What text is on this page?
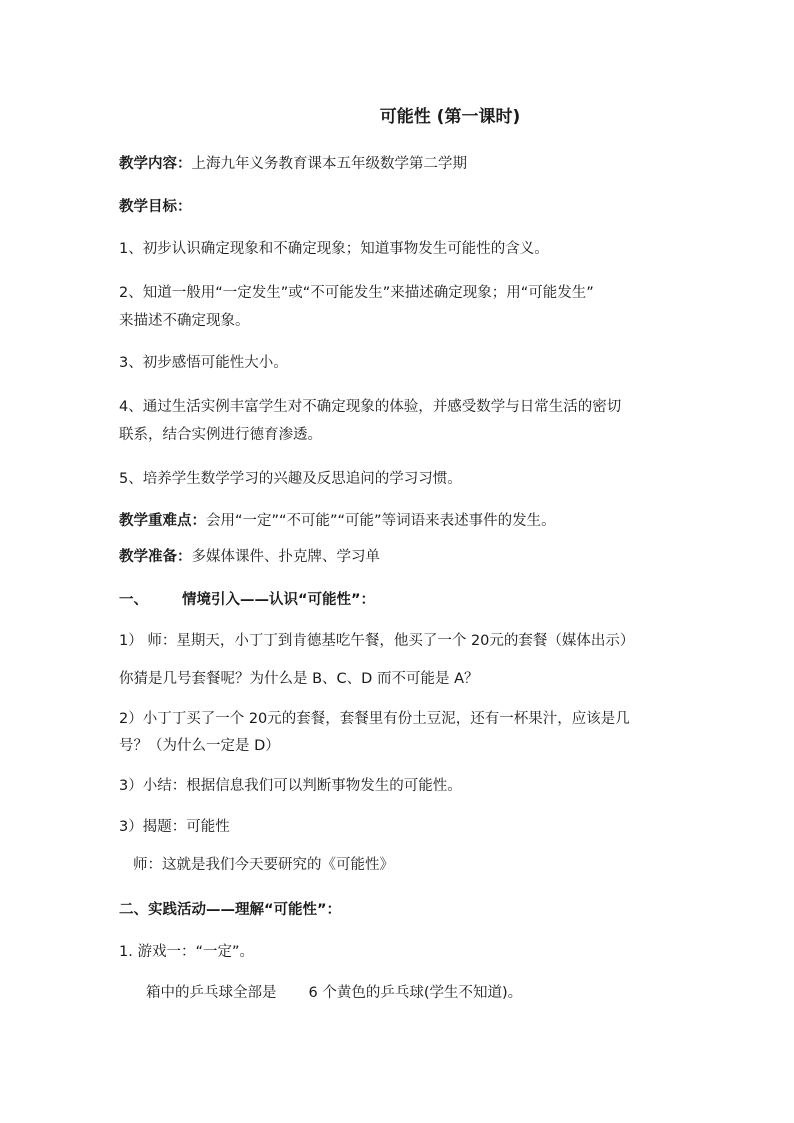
可能性 (第一课时)
教学内容：上海九年义务教育课本五年级数学第二学期
教学目标：
1、初步认识确定现象和不确定现象；知道事物发生可能性的含义。
2、知道一般用“一定发生”或“不可能发生”来描述确定现象；用“可能发生”
来描述不确定现象。
3、初步感悟可能性大小。
4、通过生活实例丰富学生对不确定现象的体验，并感受数学与日常生活的密切
联系，结合实例进行德育渗透。
5、培养学生数学学习的兴趣及反思追问的学习习惯。
教学重难点：会用“一定”“不可能”“可能”等词语来表述事件的发生。
教学准备：多媒体课件、扑克牌、学习单
一、 情境引入——认识“可能性”：
1） 师：星期天，小丁丁到肯德基吃午餐，他买了一个 20元的套餐（媒体出示）
你猜是几号套餐呢？为什么是 B、C、D 而不可能是 A？
2）小丁丁买了一个 20元的套餐，套餐里有份土豆泥，还有一杯果汁，应该是几
号？（为什么一定是 D）
3）小结：根据信息我们可以判断事物发生的可能性。
3）揭题：可能性
师：这就是我们今天要研究的《可能性》
二、实践活动——理解“可能性”：
1. 游戏一：“一定”。
箱中的乒乓球全部是 6 个黄色的乒乓球(学生不知道)。
